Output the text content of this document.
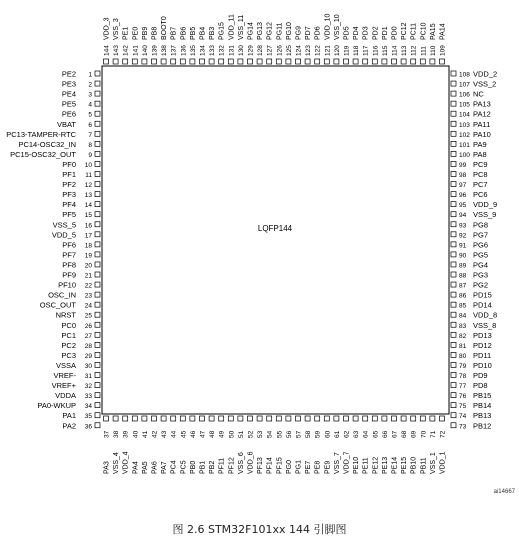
LQFP144
1
PE2
2
PE3
3
PE4
4
PE5
5
PE6
6
VBAT
7
PC13-TAMPER-RTC
8
PC14-OSC32_IN
9
PC15-OSC32_OUT
10
PF0
11
PF1
12
PF2
13
PF3
14
PF4
15
PF5
16
VSS_5
17
VDD_5
18
PF6
19
PF7
20
PF8
21
PF9
22
PF10
23
OSC_IN
24
OSC_OUT
25
NRST
26
PC0
27
PC1
28
PC2
29
PC3
30
VSSA
31
VREF-
32
VREF+
33
VDDA
34
PA0-WKUP
35
PA1
36
PA2
108 VDD_2
107 VSS_2
106 NC
105 PA13
104 PA12
103 PA11
102 PA10
101 PA9
100 PA8
99 PC9
98 PC8
97 PC7
96 PC6
95 VDD_9
94 VSS_9
93 PG8
92 PG7
91 PG6
90 PG5
89 PG4
88 PG3
87 PG2
86 PD15
85 PD14
84 VDD_8
83 VSS_8
82 PD13
81 PD12
80 PD11
79 PD10
78 PD9
77 PD8
76 PB15
75 PB14
74 PB13
73 PB12
144
VDD_3
143
VSS_3
142
PE1
141
PE0
140
PB9
139
PB8
138
BOOT0
137
PB7
136
PB6
135
PB5
134
PB4
133
PB3
132
PG15
131
VDD_11
130
VSS_11
129
PG14
128
PG13
127
PG12
126
PG11
125
PG10
124
PG9
123
PD7
122
PD6
121
VDD_10
120
VSS_10
119
PD5
118
PD4
117
PD3
116
PD2
115
PD1
114
PD0
113
PC12
112
PC11
111
PC10
110
PA15
109
PA14
37
PA3
38
VSS_4
39
VDD_4
40
PA4
41
PA5
42
PA6
43
PA7
44
PC4
45
PC5
46
PB0
47
PB1
48
PB2
49
PF11
50
PF12
51
VSS_6
52
VDD_6
53
PF13
54
PF14
55
PF15
56
PG0
57
PG1
58
PE7
59
PE8
60
PE9
61
VSS_7
62
VDD_7
63
PE10
64
PE11
65
PE12
66
PE13
67
PE14
68
PE15
69
PB10
70
PB11
71
VSS_1
72
VDD_1
ai14667
图 2.6 STM32F101xx 144 引脚图
